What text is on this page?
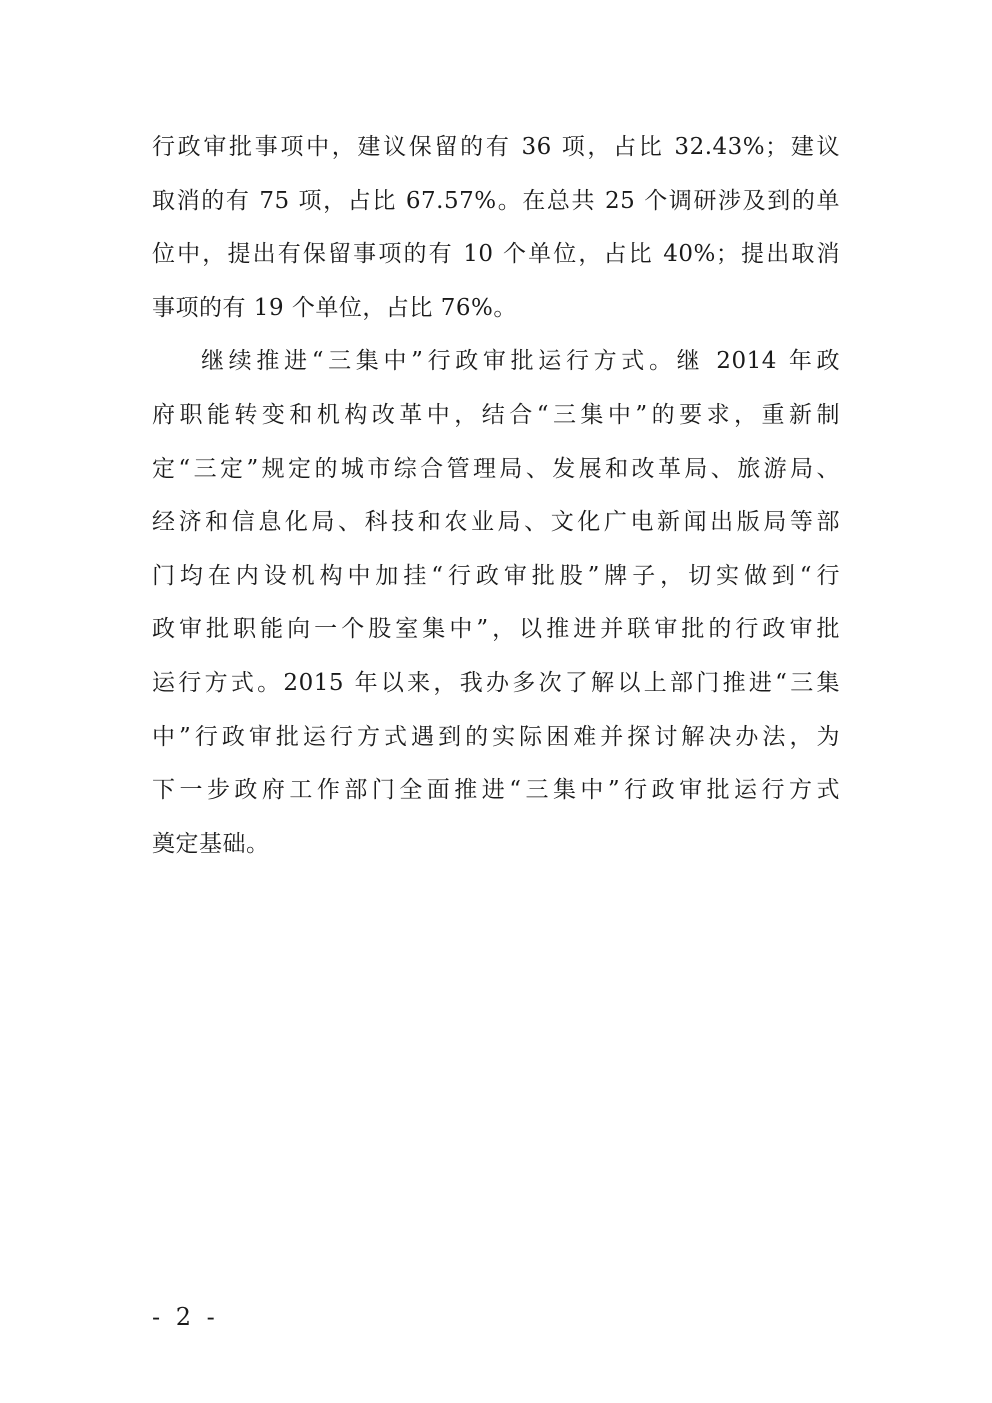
行政审批事项中，建议保留的有 36 项，占比 32.43%；建议
取消的有 75 项，占比 67.57%。在总共 25 个调研涉及到的单
位中，提出有保留事项的有 10 个单位，占比 40%；提出取消
事项的有 19 个单位，占比 76%。
继续推进“三集中”行政审批运行方式。继 2014 年政
府职能转变和机构改革中，结合“三集中”的要求，重新制
定“三定”规定的城市综合管理局、发展和改革局、旅游局、
经济和信息化局、科技和农业局、文化广电新闻出版局等部
门均在内设机构中加挂“行政审批股”牌子，切实做到“行
政审批职能向一个股室集中”，以推进并联审批的行政审批
运行方式。2015 年以来，我办多次了解以上部门推进“三集
中”行政审批运行方式遇到的实际困难并探讨解决办法，为
下一步政府工作部门全面推进“三集中”行政审批运行方式
奠定基础。
- 2 -
